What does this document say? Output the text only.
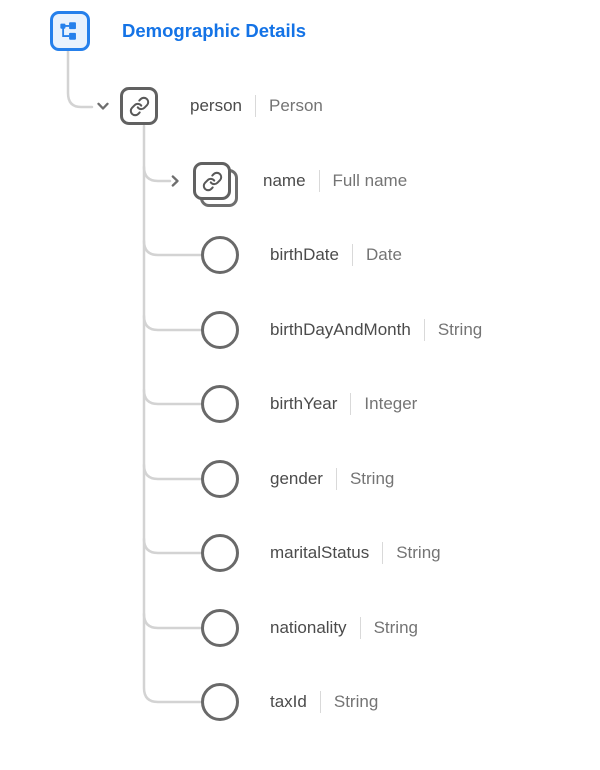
Demographic Details
person Person
name Full name
birthDate Date
birthDayAndMonth String
birthYear Integer
gender String
maritalStatus String
nationality String
taxId String
